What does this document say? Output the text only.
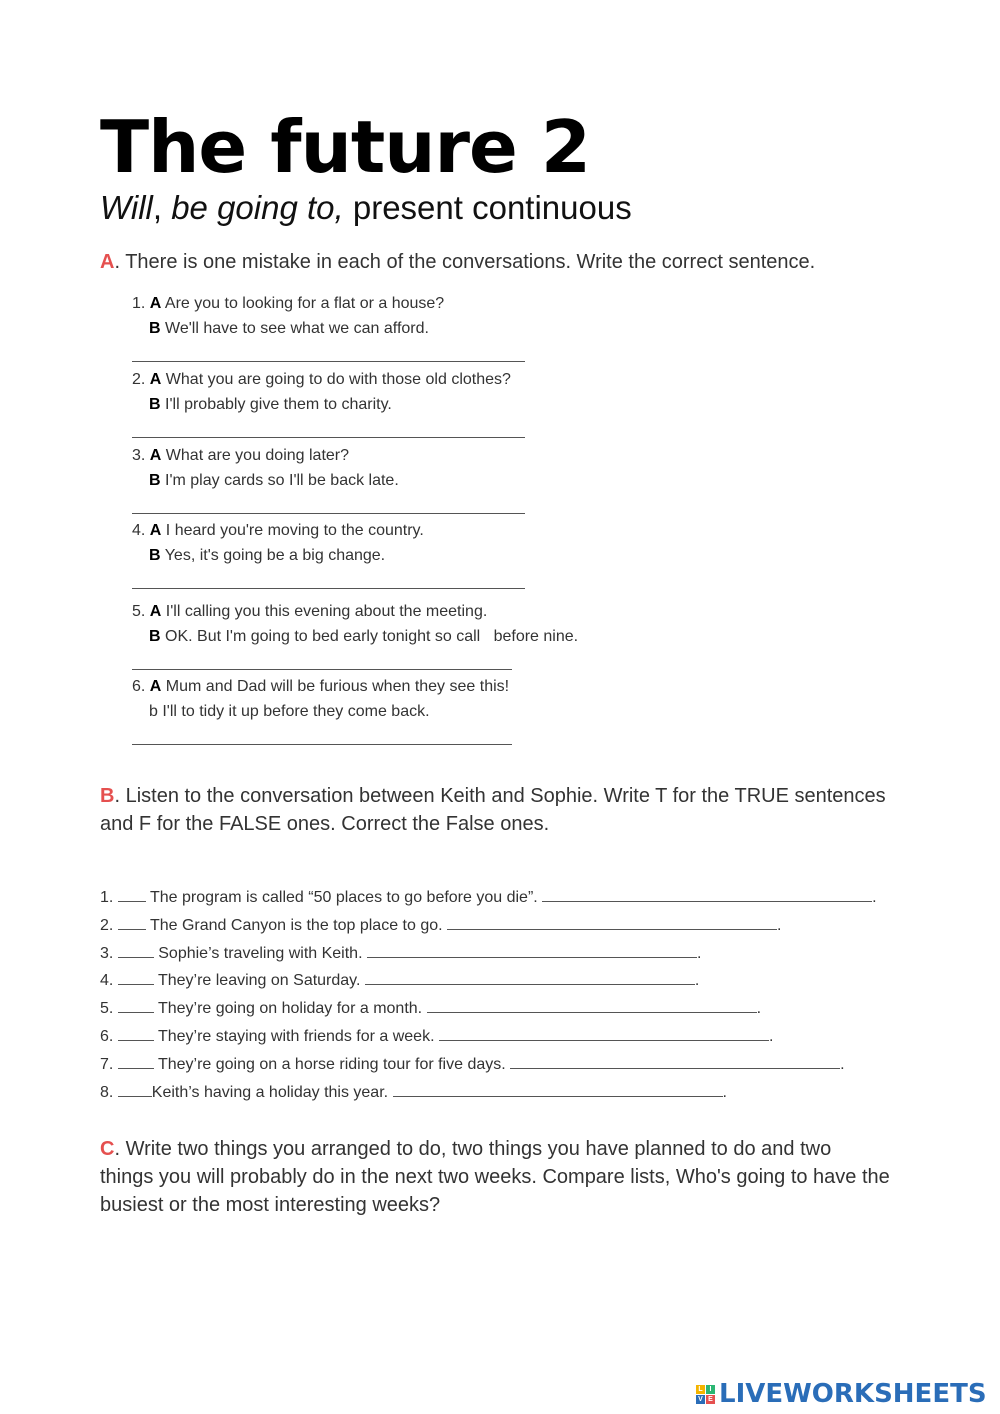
The future 2
Will, be going to, present continuous
A. There is one mistake in each of the conversations. Write the correct sentence.
1. A Are you to looking for a flat or a house?
B We'll have to see what we can afford.
2. A What you are going to do with those old clothes?
B I'll probably give them to charity.
3. A What are you doing later?
B I'm play cards so I'll be back late.
4. A I heard you're moving to the country.
B Yes, it's going be a big change.
5. A I'll calling you this evening about the meeting.
B OK. But I'm going to bed early tonight so call   before nine.
6. A Mum and Dad will be furious when they see this!
b I'll to tidy it up before they come back.
B. Listen to the conversation between Keith and Sophie. Write T for the TRUE sentences and F for the FALSE ones. Correct the False ones.
1. The program is called “50 places to go before you die”.	.
2. The Grand Canyon is the top place to go.	.
3.	Sophie’s traveling with Keith.	.
4.	They’re leaving on Saturday.	.
5.	They’re going on holiday for a month.	.
6.	They’re staying with friends for a week.	.
7.	They’re going on a horse riding tour for five days.	.
8. Keith’s having a holiday this year.	.
C. Write two things you arranged to do, two things you have planned to do and two things you will probably do in the next two weeks. Compare lists, Who's going to have the busiest or the most interesting weeks?
L I
V E LIVEWORKSHEETS
